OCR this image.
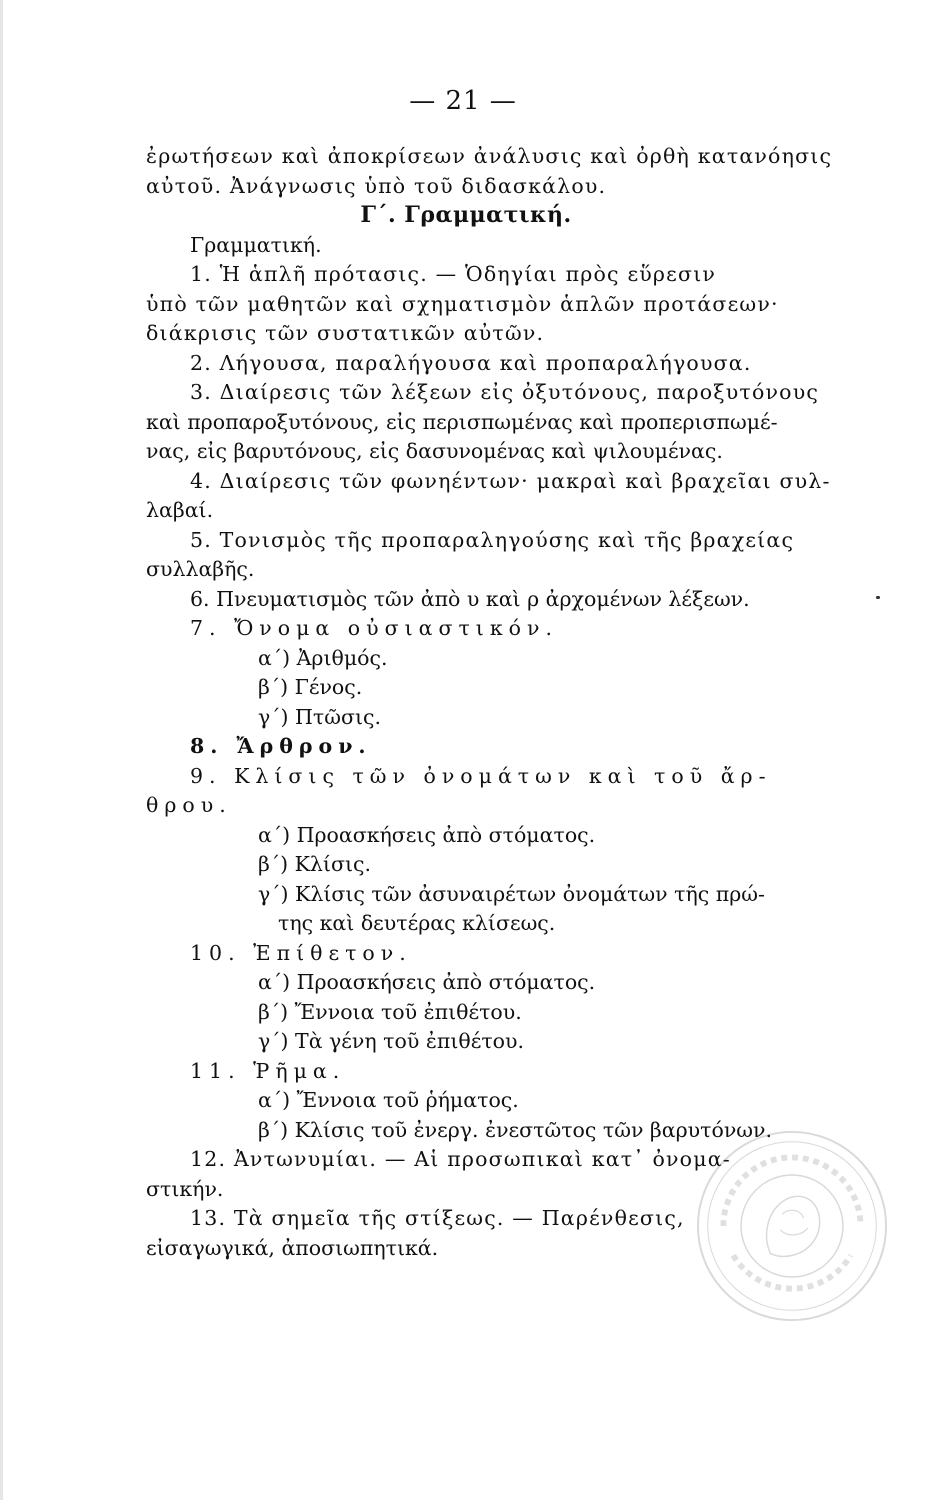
— 21 —
ἐρωτήσεων καὶ ἀποκρίσεων ἀνάλυσις καὶ ὀρθὴ κατανόησις
αὐτοῦ. Ἀνάγνωσις ὑπὸ τοῦ διδασκάλου.
Γ΄. Γραμματική.
Γραμματική.
1. Ἡ ἁπλῆ πρότασις. — Ὁδηγίαι πρὸς εὕρεσιν
ὑπὸ τῶν μαθητῶν καὶ σχηματισμὸν ἁπλῶν προτάσεων·
διάκρισις τῶν συστατικῶν αὐτῶν.
2. Λήγουσα, παραλήγουσα καὶ προπαραλήγουσα.
3. Διαίρεσις τῶν λέξεων εἰς ὀξυτόνους, παροξυτόνους
καὶ προπαροξυτόνους, εἰς περισπωμένας καὶ προπερισπωμέ-
νας, εἰς βαρυτόνους, εἰς δασυνομένας καὶ ψιλουμένας.
4. Διαίρεσις τῶν φωνηέντων· μακραὶ καὶ βραχεῖαι συλ-
λαβαί.
5. Τονισμὸς τῆς προπαραληγούσης καὶ τῆς βραχείας
συλλαβῆς.
6. Πνευματισμὸς τῶν ἀπὸ υ καὶ ρ ἀρχομένων λέξεων.
7. Ὄνομα οὐσιαστικόν.
α΄) Ἀριθμός.
β΄) Γένος.
γ΄) Πτῶσις.
8. Ἄρθρον.
9. Κλίσις τῶν ὀνομάτων καὶ τοῦ ἄρ-
θρου.
α΄) Προασκήσεις ἀπὸ στόματος.
β΄) Κλίσις.
γ΄) Κλίσις τῶν ἀσυναιρέτων ὀνομάτων τῆς πρώ-
της καὶ δευτέρας κλίσεως.
10. Ἐπίθετον.
α΄) Προασκήσεις ἀπὸ στόματος.
β΄) Ἔννοια τοῦ ἐπιθέτου.
γ΄) Τὰ γένη τοῦ ἐπιθέτου.
11. Ῥῆμα.
α΄) Ἔννοια τοῦ ῥήματος.
β΄) Κλίσις τοῦ ἐνεργ. ἐνεστῶτος τῶν βαρυτόνων.
12. Ἀντωνυμίαι. — Αἱ προσωπικαὶ κατ᾽ ὀνομα-
στικήν.
13. Τὰ σημεῖα τῆς στίξεως. — Παρένθεσις,
εἰσαγωγικά, ἀποσιωπητικά.
